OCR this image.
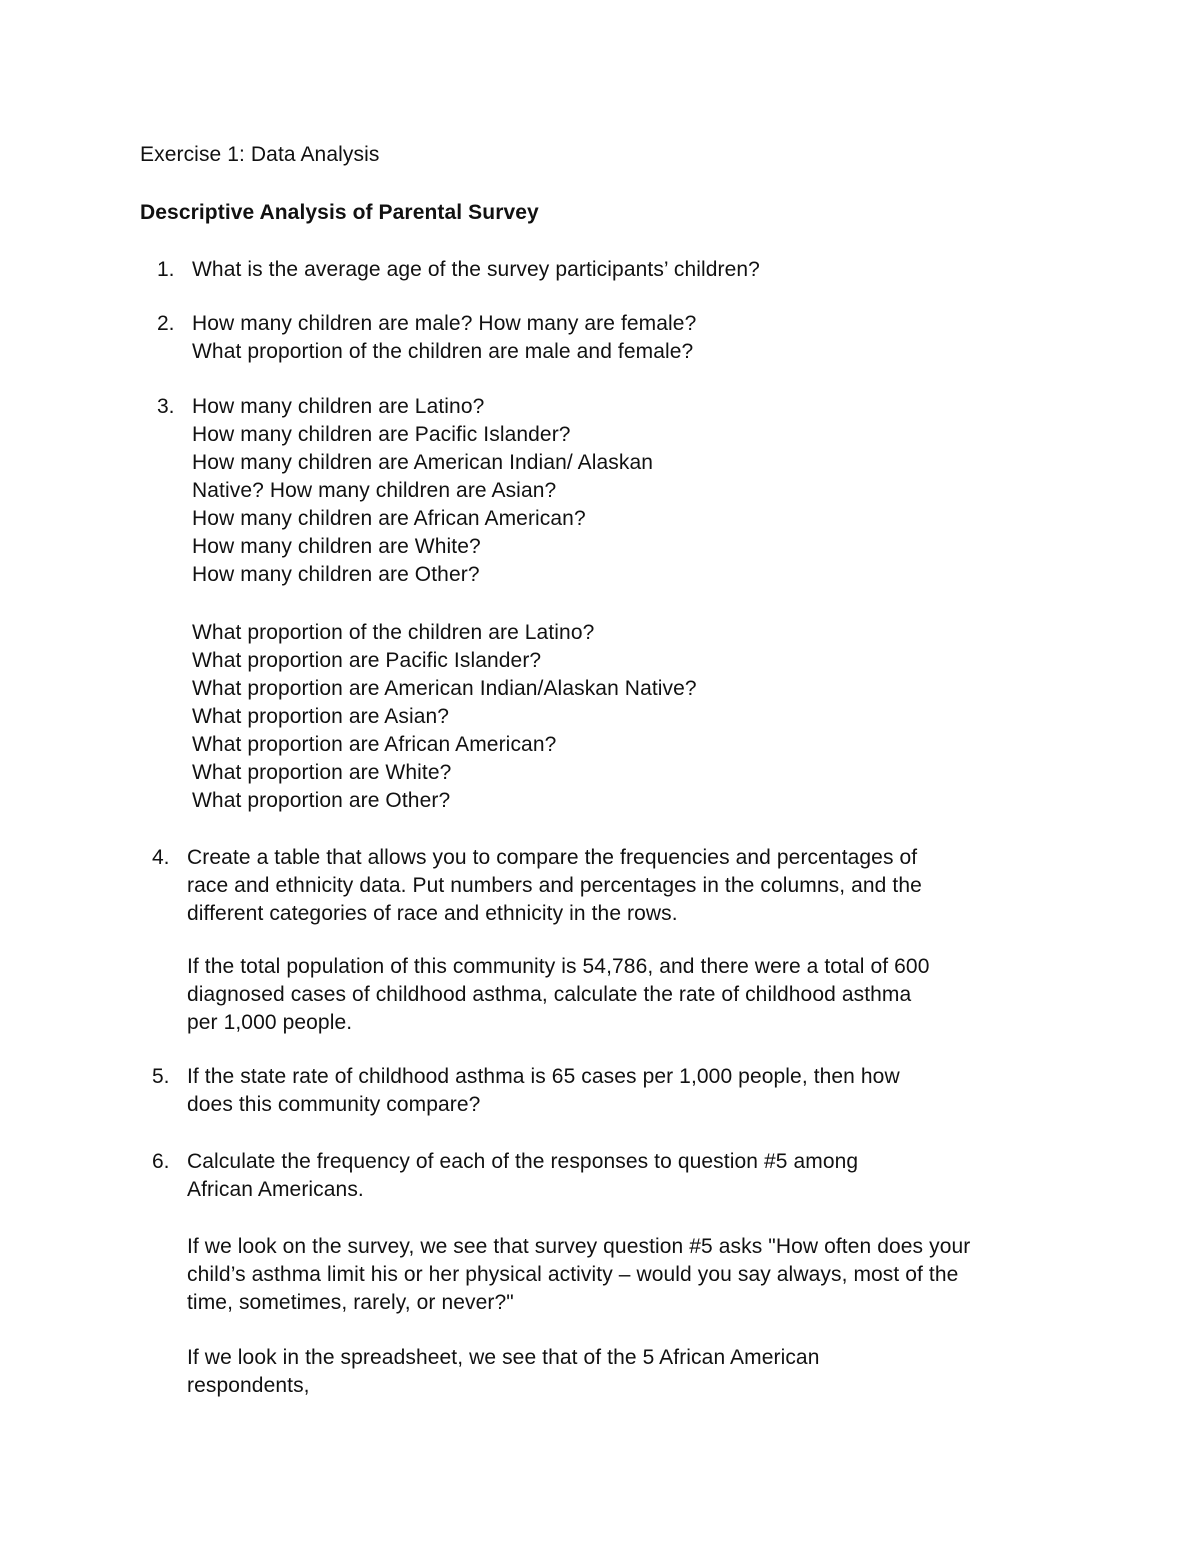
Exercise 1: Data Analysis
Descriptive Analysis of Parental Survey
1. What is the average age of the survey participants’ children?
2. How many children are male? How many are female?
What proportion of the children are male and female?
3. How many children are Latino?
How many children are Pacific Islander?
How many children are American Indian/ Alaskan
Native? How many children are Asian?
How many children are African American?
How many children are White?
How many children are Other?
What proportion of the children are Latino?
What proportion are Pacific Islander?
What proportion are American Indian/Alaskan Native?
What proportion are Asian?
What proportion are African American?
What proportion are White?
What proportion are Other?
4. Create a table that allows you to compare the frequencies and percentages of
race and ethnicity data. Put numbers and percentages in the columns, and the
different categories of race and ethnicity in the rows.
If the total population of this community is 54,786, and there were a total of 600
diagnosed cases of childhood asthma, calculate the rate of childhood asthma
per 1,000 people.
5. If the state rate of childhood asthma is 65 cases per 1,000 people, then how
does this community compare?
6. Calculate the frequency of each of the responses to question #5 among
African Americans.
If we look on the survey, we see that survey question #5 asks "How often does your
child’s asthma limit his or her physical activity – would you say always, most of the
time, sometimes, rarely, or never?"
If we look in the spreadsheet, we see that of the 5 African American
respondents,
